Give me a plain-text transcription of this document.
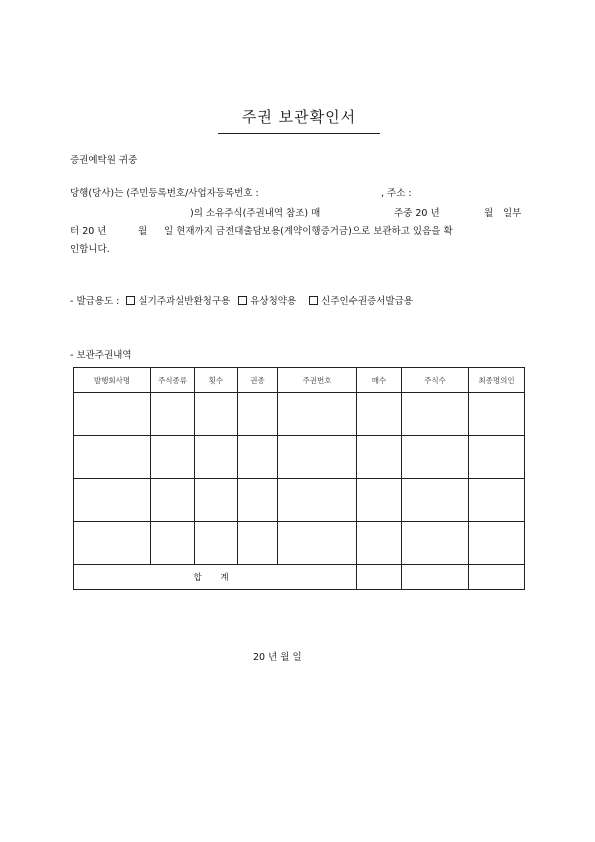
주권 보관확인서
증권예탁원 귀중
당행(당사)는 (주민등록번호/사업자등록번호 :	, 주소 :
)의 소유주식(주권내역 참조) 매	주중 20 년	월 일부
터 20 년	월 일 현재까지 금전대출담보용(계약이행증거금)으로 보관하고 있음을 확
인합니다.
- 발급용도 : 실기주과실반환청구용 유상청약용	신주인수권증서발급용
- 보관주권내역
발행회사명	주식종류	횟수	권종	주권번호	매수	주식수	최종명의인

합 계							
20 년 월 일
